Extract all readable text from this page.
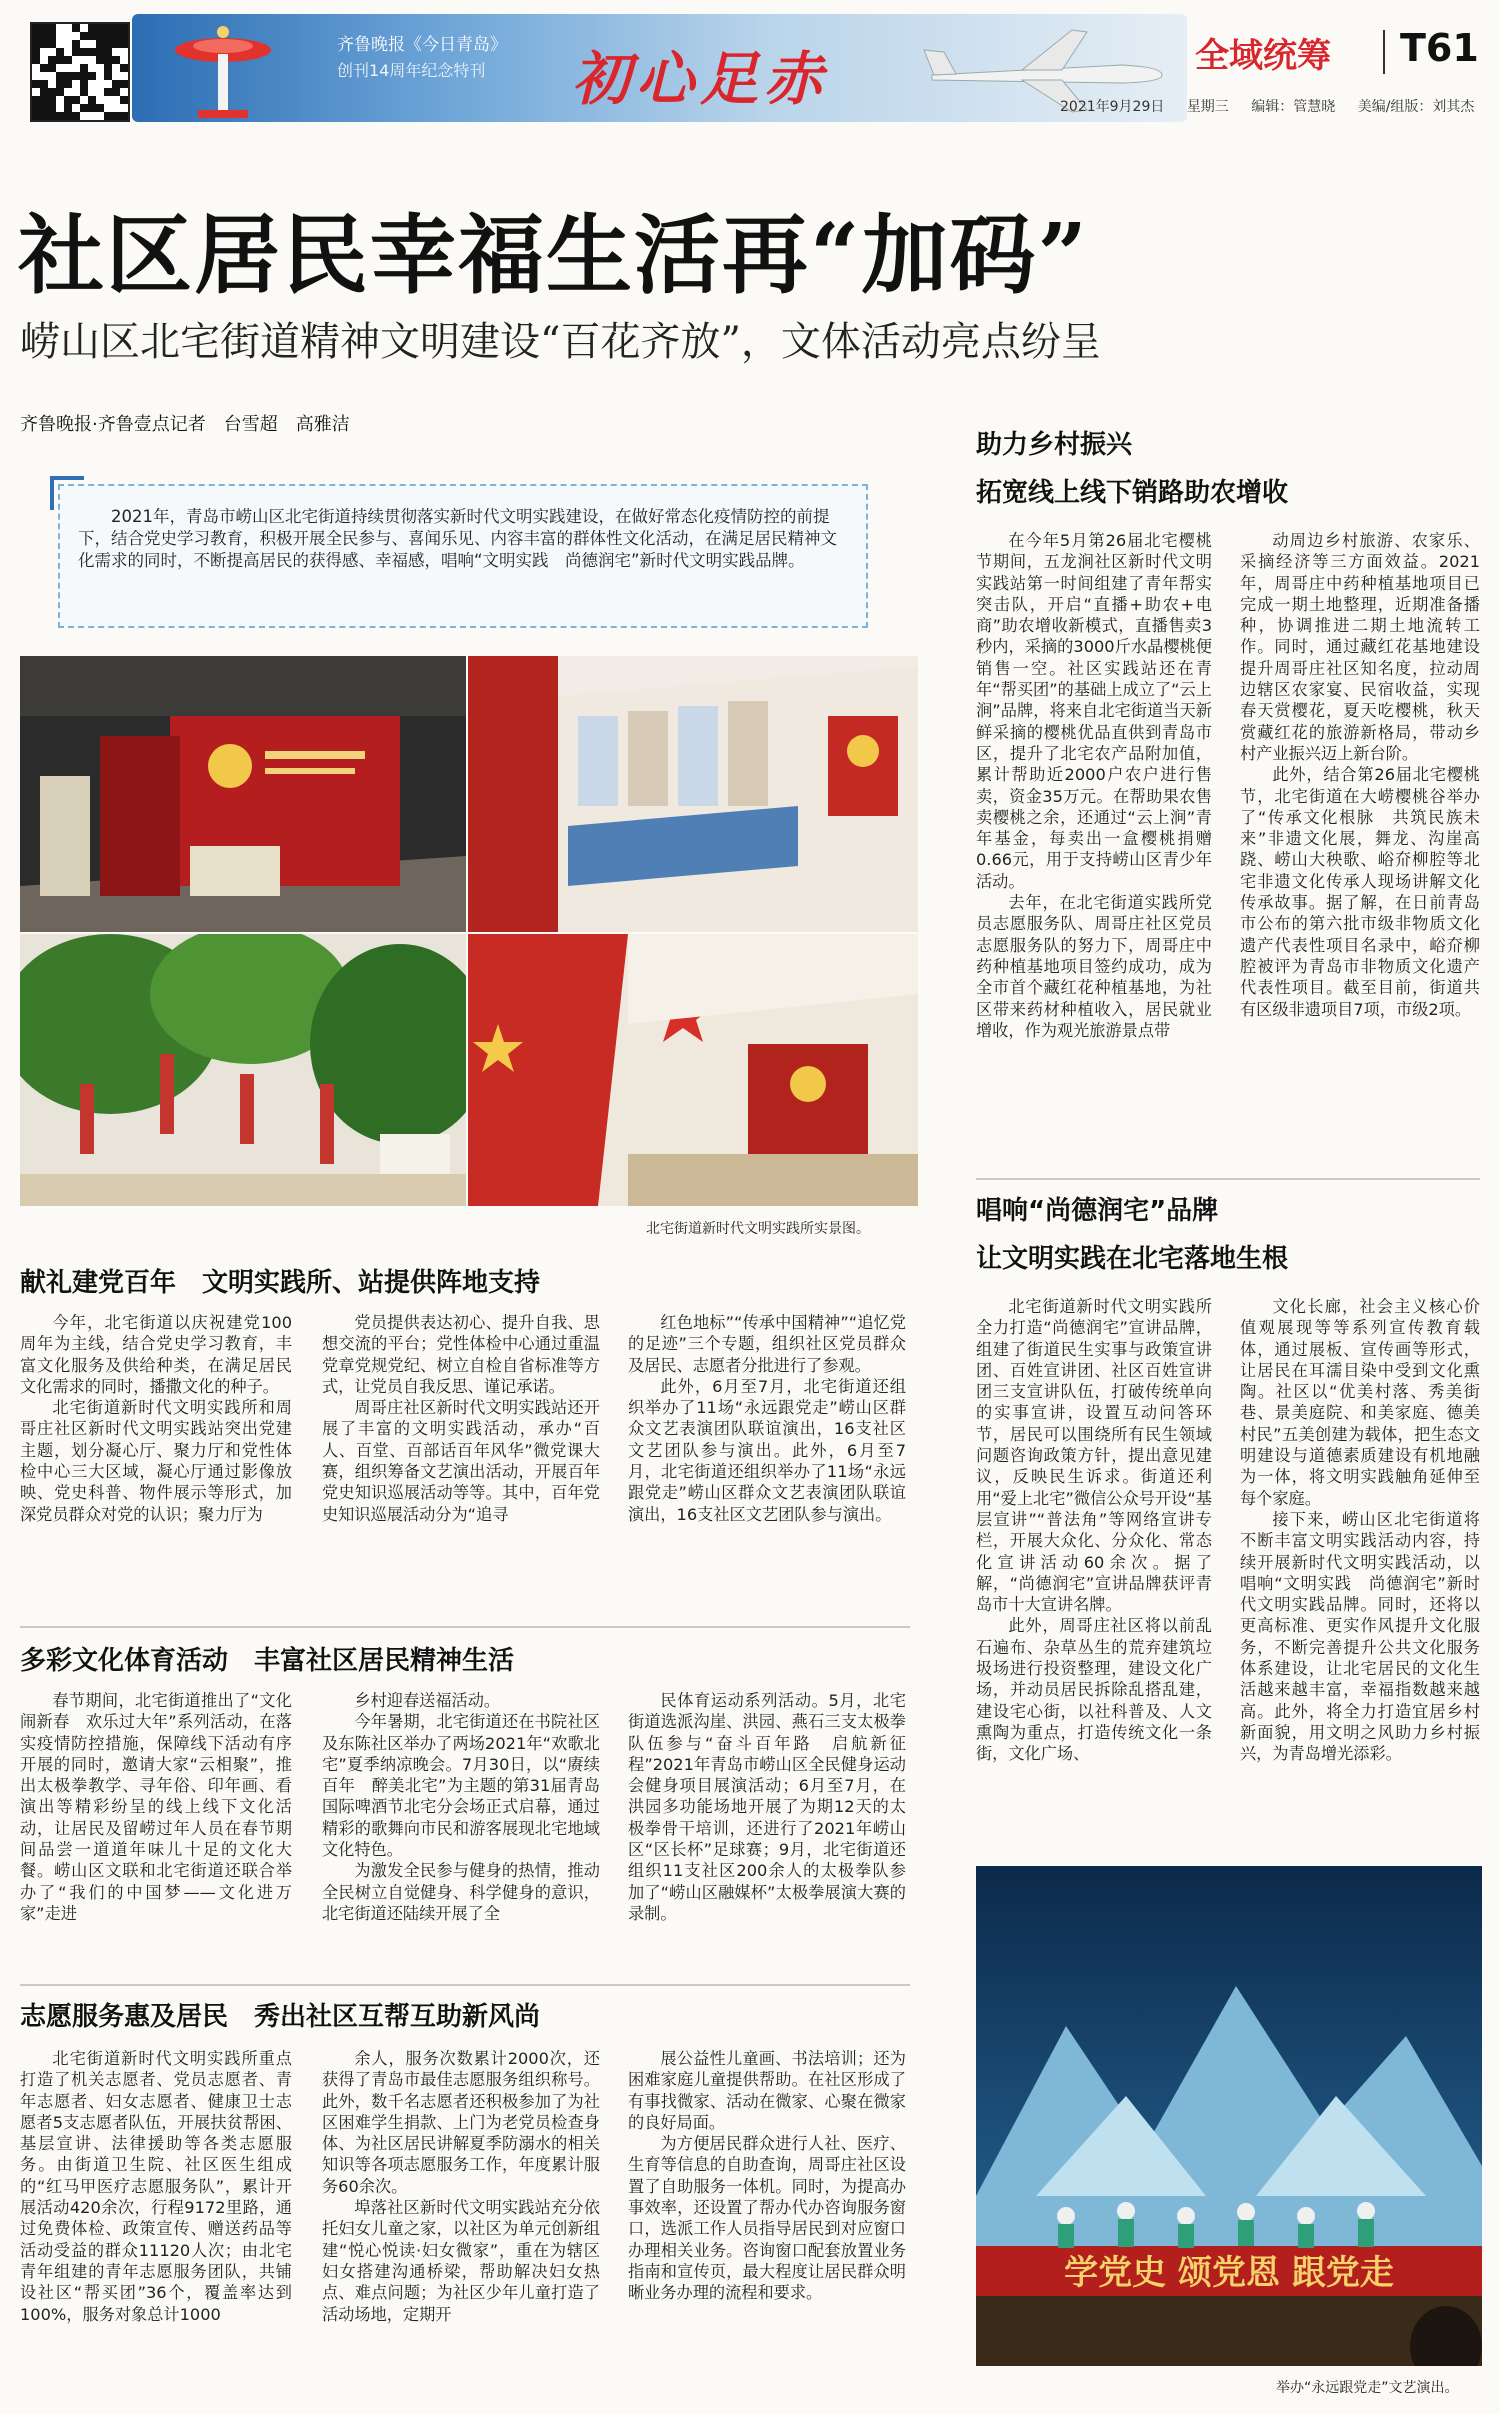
齐鲁晚报《今日青岛》
创刊14周年纪念特刊 初心足赤	全域统筹 T61
2021年9月29日 星期三 编辑：管慧晓 美编/组版：刘其杰
社区居民幸福生活再“加码”
崂山区北宅街道精神文明建设“百花齐放”，文体活动亮点纷呈
齐鲁晚报·齐鲁壹点记者　台雪超　高雅洁
2021年，青岛市崂山区北宅街道持续贯彻落实新时代文明实践建设，在做好常态化疫情防控的前提下，结合党史学习教育，积极开展全民参与、喜闻乐见、内容丰富的群体性文化活动，在满足居民精神文化需求的同时，不断提高居民的获得感、幸福感，唱响“文明实践　尚德润宅”新时代文明实践品牌。
北宅街道新时代文明实践所实景图。
献礼建党百年　文明实践所、站提供阵地支持

今年，北宅街道以庆祝建党100周年为主线，结合党史学习教育，丰富文化服务及供给种类，在满足居民文化需求的同时，播撒文化的种子。

北宅街道新时代文明实践所和周哥庄社区新时代文明实践站突出党建主题，划分凝心厅、聚力厅和党性体检中心三大区域，凝心厅通过影像放映、党史科普、物件展示等形式，加深党员群众对党的认识；聚力厅为

党员提供表达初心、提升自我、思想交流的平台；党性体检中心通过重温党章党规党纪、树立自检自省标准等方式，让党员自我反思、谨记承诺。

周哥庄社区新时代文明实践站还开展了丰富的文明实践活动，承办“百人、百堂、百部话百年风华”微党课大赛，组织筹备文艺演出活动，开展百年党史知识巡展活动等等。其中，百年党史知识巡展活动分为“追寻

红色地标”“传承中国精神”“追忆党的足迹”三个专题，组织社区党员群众及居民、志愿者分批进行了参观。

此外，6月至7月，北宅街道还组织举办了11场“永远跟党走”崂山区群众文艺表演团队联谊演出，16支社区文艺团队参与演出。此外，6月至7月，北宅街道还组织举办了11场“永远跟党走”崂山区群众文艺表演团队联谊演出，16支社区文艺团队参与演出。

多彩文化体育活动　丰富社区居民精神生活

春节期间，北宅街道推出了“文化闹新春　欢乐过大年”系列活动，在落实疫情防控措施，保障线下活动有序开展的同时，邀请大家“云相聚”，推出太极拳教学、寻年俗、印年画、看演出等精彩纷呈的线上线下文化活动，让居民及留崂过年人员在春节期间品尝一道道年味儿十足的文化大餐。崂山区文联和北宅街道还联合举办了“我们的中国梦——文化进万家”走进

乡村迎春送福活动。

今年暑期，北宅街道还在书院社区及东陈社区举办了两场2021年“欢歌北宅”夏季纳凉晚会。7月30日，以“赓续百年　醉美北宅”为主题的第31届青岛国际啤酒节北宅分会场正式启幕，通过精彩的歌舞向市民和游客展现北宅地域文化特色。

为激发全民参与健身的热情，推动全民树立自觉健身、科学健身的意识，北宅街道还陆续开展了全

民体育运动系列活动。5月，北宅街道选派沟崖、洪园、燕石三支太极拳队伍参与“奋斗百年路　启航新征程”2021年青岛市崂山区全民健身运动会健身项目展演活动；6月至7月，在洪园多功能场地开展了为期12天的太极拳骨干培训，还进行了2021年崂山区“区长杯”足球赛；9月，北宅街道还组织11支社区200余人的太极拳队参加了“崂山区融媒杯”太极拳展演大赛的录制。

志愿服务惠及居民　秀出社区互帮互助新风尚

北宅街道新时代文明实践所重点打造了机关志愿者、党员志愿者、青年志愿者、妇女志愿者、健康卫士志愿者5支志愿者队伍，开展扶贫帮困、基层宣讲、法律援助等各类志愿服务。由街道卫生院、社区医生组成的“红马甲医疗志愿服务队”，累计开展活动420余次，行程9172里路，通过免费体检、政策宣传、赠送药品等活动受益的群众11120人次；由北宅青年组建的青年志愿服务团队，共铺设社区“帮买团”36个，覆盖率达到100%，服务对象总计1000

余人，服务次数累计2000次，还获得了青岛市最佳志愿服务组织称号。此外，数千名志愿者还积极参加了为社区困难学生捐款、上门为老党员检查身体、为社区居民讲解夏季防溺水的相关知识等各项志愿服务工作，年度累计服务60余次。

埠落社区新时代文明实践站充分依托妇女儿童之家，以社区为单元创新组建“悦心悦读·妇女微家”，重在为辖区妇女搭建沟通桥梁，帮助解决妇女热点、难点问题；为社区少年儿童打造了活动场地，定期开

展公益性儿童画、书法培训；还为困难家庭儿童提供帮助。在社区形成了有事找微家、活动在微家、心聚在微家的良好局面。

为方便居民群众进行人社、医疗、生育等信息的自助查询，周哥庄社区设置了自助服务一体机。同时，为提高办事效率，还设置了帮办代办咨询服务窗口，选派工作人员指导居民到对应窗口办理相关业务。咨询窗口配套放置业务指南和宣传页，最大程度让居民群众明晰业务办理的流程和要求。

助力乡村振兴
拓宽线上线下销路助农增收

在今年5月第26届北宅樱桃节期间，五龙涧社区新时代文明实践站第一时间组建了青年帮实突击队，开启“直播+助农+电商”助农增收新模式，直播售卖3秒内，采摘的3000斤水晶樱桃便销售一空。社区实践站还在青年“帮买团”的基础上成立了“云上涧”品牌，将来自北宅街道当天新鲜采摘的樱桃优品直供到青岛市区，提升了北宅农产品附加值，累计帮助近2000户农户进行售卖，资金35万元。在帮助果农售卖樱桃之余，还通过“云上涧”青年基金，每卖出一盒樱桃捐赠0.66元，用于支持崂山区青少年活动。

去年，在北宅街道实践所党员志愿服务队、周哥庄社区党员志愿服务队的努力下，周哥庄中药种植基地项目签约成功，成为全市首个藏红花种植基地，为社区带来药材种植收入，居民就业增收，作为观光旅游景点带

动周边乡村旅游、农家乐、采摘经济等三方面效益。2021年，周哥庄中药种植基地项目已完成一期土地整理，近期准备播种，协调推进二期土地流转工作。同时，通过藏红花基地建设提升周哥庄社区知名度，拉动周边辖区农家宴、民宿收益，实现春天赏樱花，夏天吃樱桃，秋天赏藏红花的旅游新格局，带动乡村产业振兴迈上新台阶。

此外，结合第26届北宅樱桃节，北宅街道在大崂樱桃谷举办了“传承文化根脉　共筑民族未来”非遗文化展，舞龙、沟崖高跷、崂山大秧歌、峪夼柳腔等北宅非遗文化传承人现场讲解文化传承故事。据了解，在日前青岛市公布的第六批市级非物质文化遗产代表性项目名录中，峪夼柳腔被评为青岛市非物质文化遗产代表性项目。截至目前，街道共有区级非遗项目7项，市级2项。

唱响“尚德润宅”品牌
让文明实践在北宅落地生根

北宅街道新时代文明实践所全力打造“尚德润宅”宣讲品牌，组建了街道民生实事与政策宣讲团、百姓宣讲团、社区百姓宣讲团三支宣讲队伍，打破传统单向的实事宣讲，设置互动问答环节，居民可以围绕所有民生领域问题咨询政策方针，提出意见建议，反映民生诉求。街道还利用“爱上北宅”微信公众号开设“基层宣讲”“普法角”等网络宣讲专栏，开展大众化、分众化、常态化宣讲活动60余次。据了解，“尚德润宅”宣讲品牌获评青岛市十大宣讲名牌。

此外，周哥庄社区将以前乱石遍布、杂草丛生的荒弃建筑垃圾场进行投资整理，建设文化广场，并动员居民拆除乱搭乱建，建设宅心街，以社科普及、人文熏陶为重点，打造传统文化一条街，文化广场、

文化长廊，社会主义核心价值观展现等等系列宣传教育载体，通过展板、宣传画等形式，让居民在耳濡目染中受到文化熏陶。社区以“优美村落、秀美街巷、景美庭院、和美家庭、德美村民”五美创建为载体，把生态文明建设与道德素质建设有机地融为一体，将文明实践触角延伸至每个家庭。

接下来，崂山区北宅街道将不断丰富文明实践活动内容，持续开展新时代文明实践活动，以唱响“文明实践　尚德润宅”新时代文明实践品牌。同时，还将以更高标准、更实作风提升文化服务，不断完善提升公共文化服务体系建设，让北宅居民的文化生活越来越丰富，幸福指数越来越高。此外，将全力打造宜居乡村新面貌，用文明之风助力乡村振兴，为青岛增光添彩。

学党史 颂党恩 跟党走
举办“永远跟党走”文艺演出。
